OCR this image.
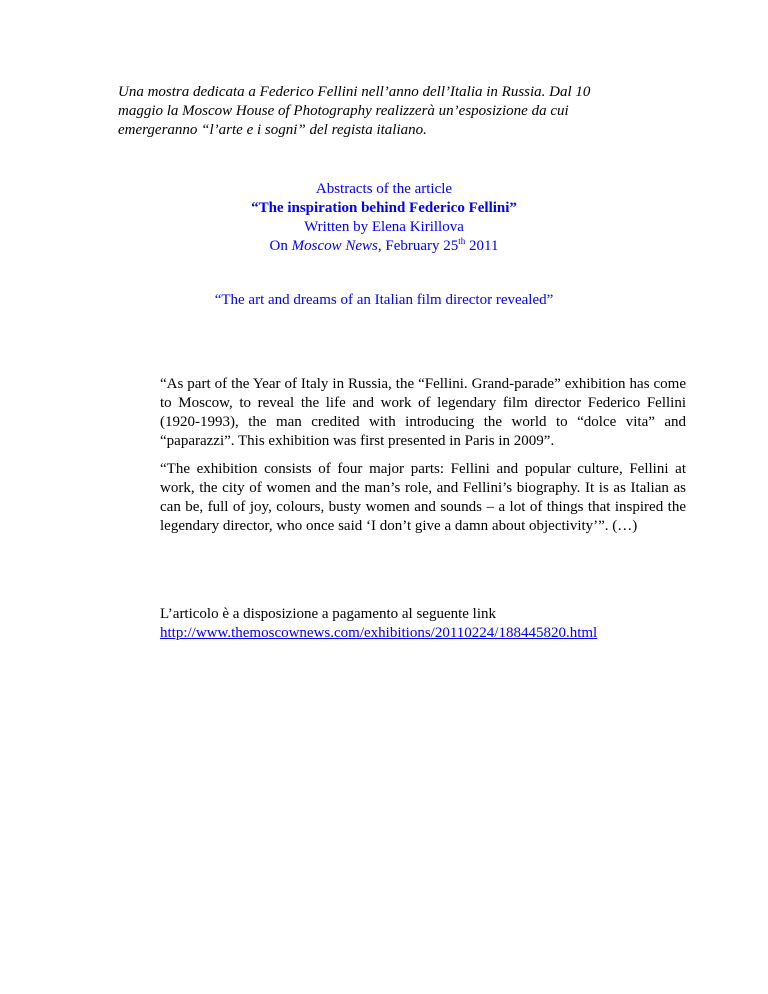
Una mostra dedicata a Federico Fellini nell’anno dell’Italia in Russia. Dal 10
maggio la Moscow House of Photography realizzerà un’esposizione da cui
emergeranno “l’arte e i sogni” del regista italiano.
Abstracts of the article
“The inspiration behind Federico Fellini”
Written by Elena Kirillova
On Moscow News, February 25th 2011
“The art and dreams of an Italian film director revealed”
“As part of the Year of Italy in Russia, the “Fellini. Grand-parade” exhibition has come
to Moscow, to reveal the life and work of legendary film director Federico Fellini
(1920-1993), the man credited with introducing the world to “dolce vita” and
“paparazzi”. This exhibition was first presented in Paris in 2009”.
“The exhibition consists of four major parts: Fellini and popular culture, Fellini at
work, the city of women and the man’s role, and Fellini’s biography. It is as Italian as
can be, full of joy, colours, busty women and sounds – a lot of things that inspired the
legendary director, who once said ‘I don’t give a damn about objectivity’”. (…)
L’articolo è a disposizione a pagamento al seguente link
http://www.themoscownews.com/exhibitions/20110224/188445820.html
